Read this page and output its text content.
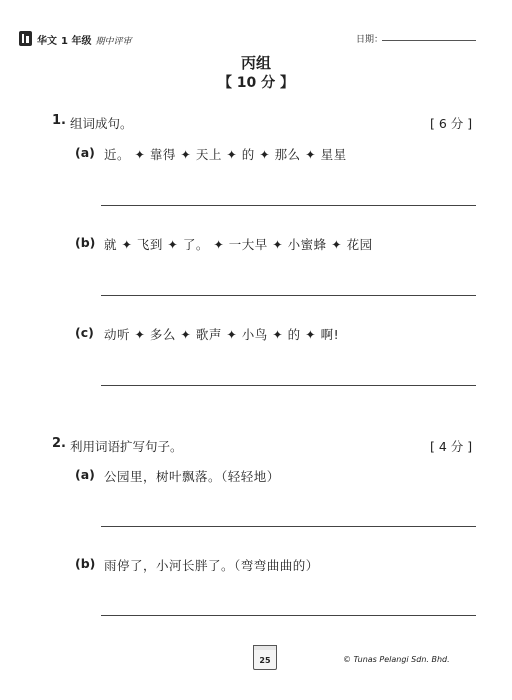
华文 1 年级 期中评审	日期：
丙组
【 10 分 】
1. 组词成句。	[ 6 分 ]
(a) 近。 ✦ 靠得 ✦ 天上 ✦ 的 ✦ 那么 ✦ 星星
(b) 就 ✦ 飞到 ✦ 了。 ✦ 一大早 ✦ 小蜜蜂 ✦ 花园
(c) 动听 ✦ 多么 ✦ 歌声 ✦ 小鸟 ✦ 的 ✦ 啊!
2. 利用词语扩写句子。	[ 4 分 ]
(a) 公园里，树叶飘落。（轻轻地）
(b) 雨停了，小河长胖了。（弯弯曲曲的）
25	© Tunas Pelangi Sdn. Bhd.
